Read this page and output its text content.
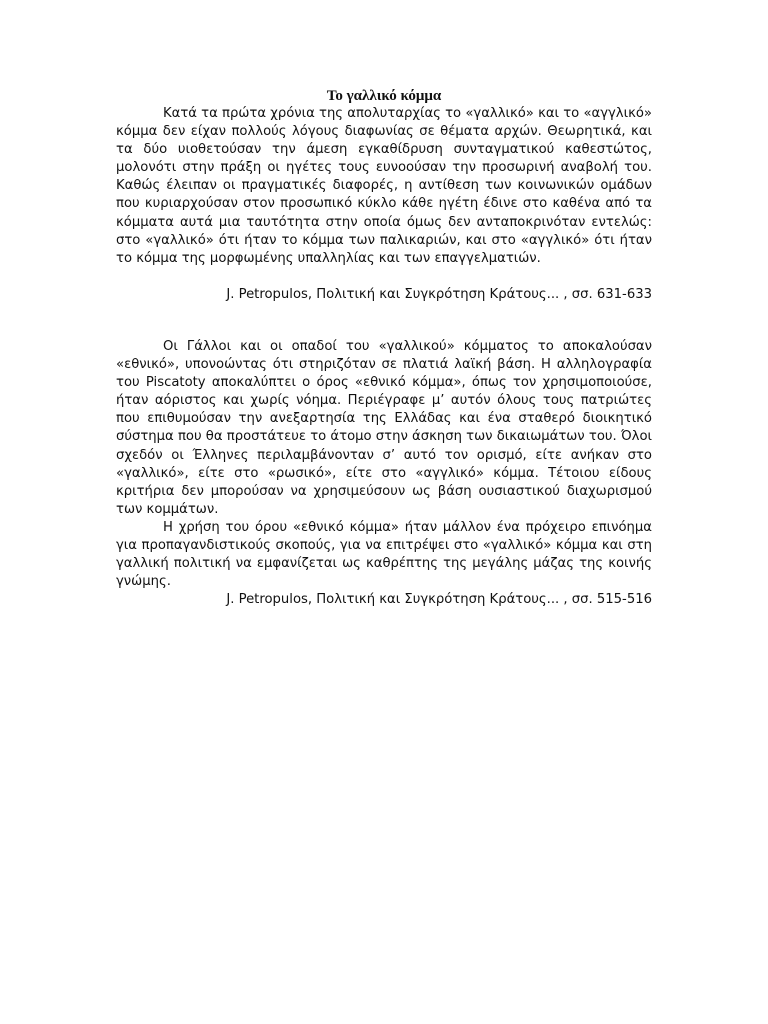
Το γαλλικό κόμμα

Κατά τα πρώτα χρόνια της απολυταρχίας το «γαλλικό» και το «αγγλικό» κόμμα δεν είχαν πολλούς λόγους διαφωνίας σε θέματα αρχών. Θεωρητικά, και τα δύο υιοθετούσαν την άμεση εγκαθίδρυση συνταγματικού καθεστώτος, μολονότι στην πράξη οι ηγέτες τους ευνοούσαν την προσωρινή αναβολή του. Καθώς έλειπαν οι πραγματικές διαφορές, η αντίθεση των κοινωνικών ομάδων που κυριαρχούσαν στον προσωπικό κύκλο κάθε ηγέτη έδινε στο καθένα από τα κόμματα αυτά μια ταυτότητα στην οποία όμως δεν ανταποκρινόταν εντελώς: στο «γαλλικό» ότι ήταν το κόμμα των παλικαριών, και στο «αγγλικό» ότι ήταν το κόμμα της μορφωμένης υπαλληλίας και των επαγγελματιών.

J. Petropulos, Πολιτική και Συγκρότηση Κράτους... , σσ. 631-633

Οι Γάλλοι και οι οπαδοί του «γαλλικού» κόμματος το αποκαλούσαν «εθνικό», υπονοώντας ότι στηριζόταν σε πλατιά λαϊκή βάση. Η αλληλογραφία του Piscatoty αποκαλύπτει ο όρος «εθνικό κόμμα», όπως τον χρησιμοποιούσε, ήταν αόριστος και χωρίς νόημα. Περιέγραφε μ’ αυτόν όλους τους πατριώτες που επιθυμούσαν την ανεξαρτησία της Ελλάδας και ένα σταθερό διοικητικό σύστημα που θα προστάτευε το άτομο στην άσκηση των δικαιωμάτων του. Όλοι σχεδόν οι Έλληνες περιλαμβάνονταν σ’ αυτό τον ορισμό, είτε ανήκαν στο «γαλλικό», είτε στο «ρωσικό», είτε στο «αγγλικό» κόμμα. Τέτοιου είδους κριτήρια δεν μπορούσαν να χρησιμεύσουν ως βάση ουσιαστικού διαχωρισμού των κομμάτων.

Η χρήση του όρου «εθνικό κόμμα» ήταν μάλλον ένα πρόχειρο επινόημα για προπαγανδιστικούς σκοπούς, για να επιτρέψει στο «γαλλικό» κόμμα και στη γαλλική πολιτική να εμφανίζεται ως καθρέπτης της μεγάλης μάζας της κοινής γνώμης.

J. Petropulos, Πολιτική και Συγκρότηση Κράτους... , σσ. 515-516
